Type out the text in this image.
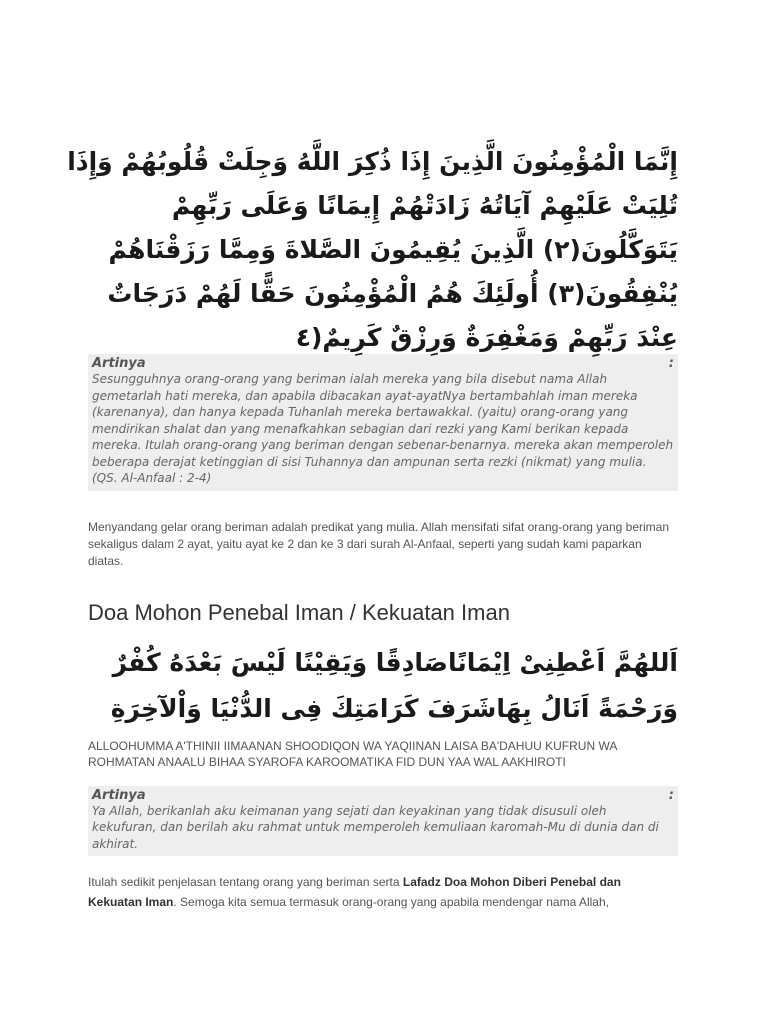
إِنَّمَا الْمُؤْمِنُونَ الَّذِينَ إِذَا ذُكِرَ اللَّهُ وَجِلَتْ قُلُوبُهُمْ وَإِذَا
تُلِيَتْ عَلَيْهِمْ آيَاتُهُ زَادَتْهُمْ إِيمَانًا وَعَلَى رَبِّهِمْ
يَتَوَكَّلُونَ(٢) الَّذِينَ يُقِيمُونَ الصَّلاةَ وَمِمَّا رَزَقْنَاهُمْ
يُنْفِقُونَ(٣) أُولَئِكَ هُمُ الْمُؤْمِنُونَ حَقًّا لَهُمْ دَرَجَاتٌ
عِنْدَ رَبِّهِمْ وَمَغْفِرَةٌ وَرِزْقٌ كَرِيمٌ(٤
Artinya	:
Sesungguhnya orang-orang yang beriman ialah mereka yang bila disebut nama Allah gemetarlah hati mereka, dan apabila dibacakan ayat-ayatNya bertambahlah iman mereka (karenanya), dan hanya kepada Tuhanlah mereka bertawakkal. (yaitu) orang-orang yang mendirikan shalat dan yang menafkahkan sebagian dari rezki yang Kami berikan kepada mereka. Itulah orang-orang yang beriman dengan sebenar-benarnya. mereka akan memperoleh beberapa derajat ketinggian di sisi Tuhannya dan ampunan serta rezki (nikmat) yang mulia. (QS. Al-Anfaal : 2-4)

Menyandang gelar orang beriman adalah predikat yang mulia. Allah mensifati sifat orang-orang yang beriman sekaligus dalam 2 ayat, yaitu ayat ke 2 dan ke 3 dari surah Al-Anfaal, seperti yang sudah kami paparkan diatas.

Doa Mohon Penebal Iman / Kekuatan Iman
اَللهُمَّ اَعْطِنِىْ اِيْمَانًاصَادِقًا وَيَقِيْنًا لَيْسَ بَعْدَهُ كُفْرٌ
وَرَحْمَةً اَنَالُ بِهَاشَرَفَ كَرَامَتِكَ فِى الدُّنْيَا وَاْلآخِرَةِ

ALLOOHUMMA A'THINII IIMAANAN SHOODIQON WA YAQIINAN LAISA BA'DAHUU KUFRUN WA ROHMATAN ANAALU BIHAA SYAROFA KAROOMATIKA FID DUN YAA WAL AAKHIROTI

Artinya	:
Ya Allah, berikanlah aku keimanan yang sejati dan keyakinan yang tidak disusuli oleh kekufuran, dan berilah aku rahmat untuk memperoleh kemuliaan karomah-Mu di dunia dan di akhirat.

Itulah sedikit penjelasan tentang orang yang beriman serta Lafadz Doa Mohon Diberi Penebal dan Kekuatan Iman. Semoga kita semua termasuk orang-orang yang apabila mendengar nama Allah,
